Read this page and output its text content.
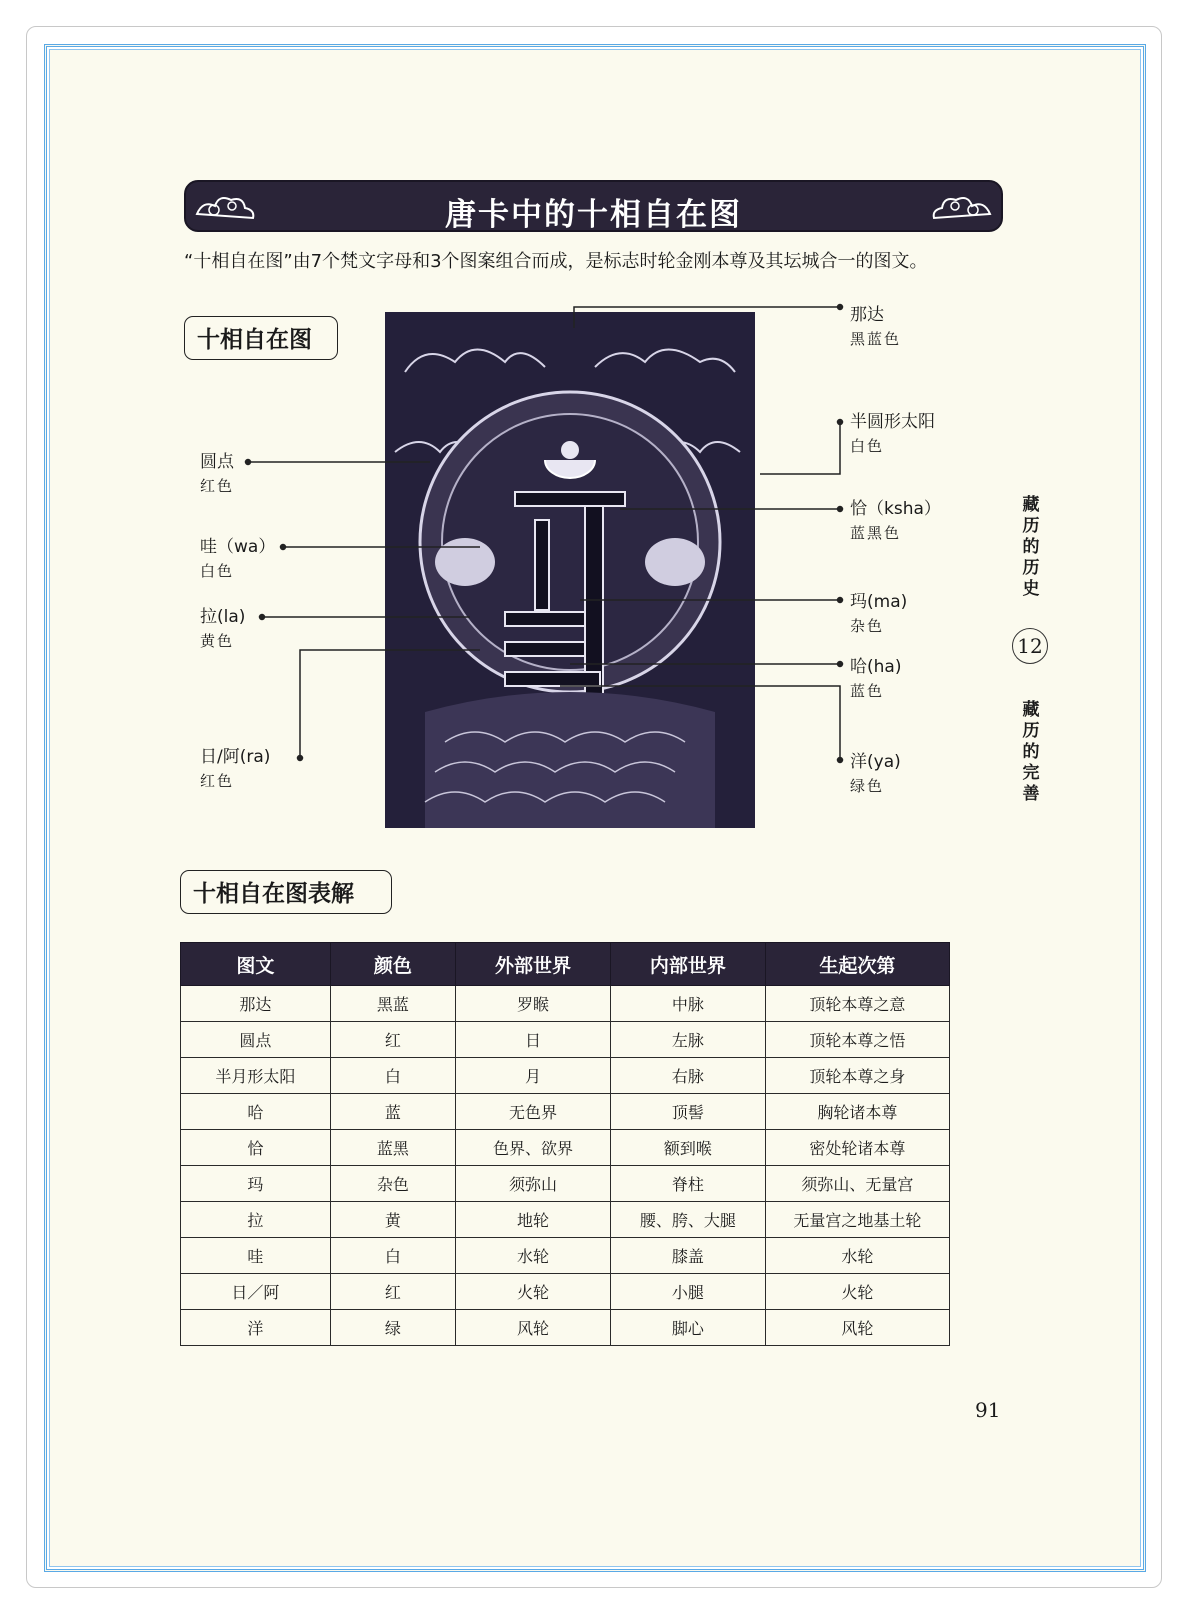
唐卡中的十相自在图
“十相自在图”由7个梵文字母和3个图案组合而成，是标志时轮金刚本尊及其坛城合一的图文。
十相自在图
圆点
红色
哇（wa）
白色
拉(la)
黄色
日/阿(ra)
红色
那达
黑蓝色
半圆形太阳
白色
恰（ksha）
蓝黑色
玛(ma)
杂色
哈(ha)
蓝色
洋(ya)
绿色
藏历的历史
12
藏历的完善
十相自在图表解
图文	颜色	外部世界	内部世界	生起次第
那达	黑蓝	罗睺	中脉	顶轮本尊之意
圆点	红	日	左脉	顶轮本尊之悟
半月形太阳	白	月	右脉	顶轮本尊之身
哈	蓝	无色界	顶髻	胸轮诸本尊
恰	蓝黑	色界、欲界	额到喉	密处轮诸本尊
玛	杂色	须弥山	脊柱	须弥山、无量宫
拉	黄	地轮	腰、胯、大腿	无量宫之地基土轮
哇	白	水轮	膝盖	水轮
日／阿	红	火轮	小腿	火轮
洋	绿	风轮	脚心	风轮
91
